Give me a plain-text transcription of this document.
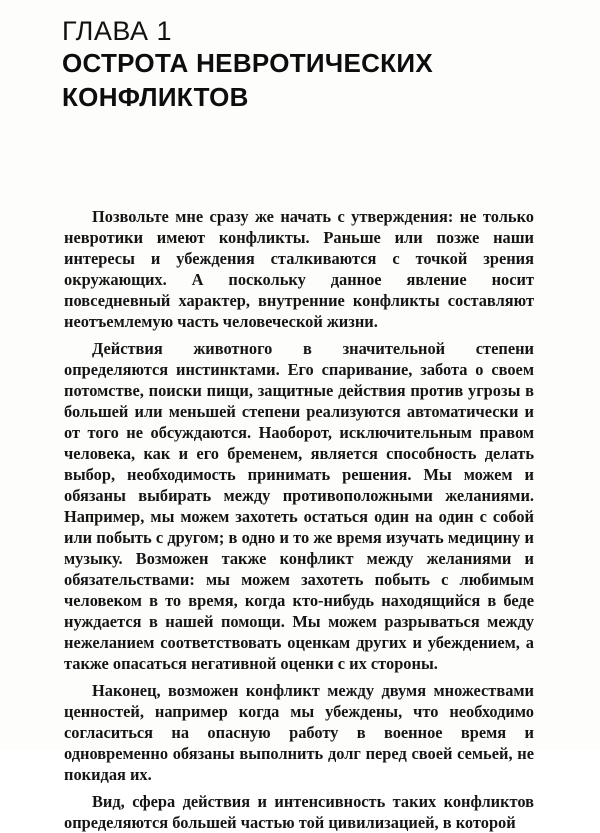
ГЛАВА 1
ОСТРОТА НЕВРОТИЧЕСКИХ КОНФЛИКТОВ

Позвольте мне сразу же начать с утверждения: не только невротики имеют конфликты. Раньше или позже наши интересы и убеждения сталкиваются с точкой зрения окружающих. А поскольку данное явление носит повседневный характер, внутренние конфликты составляют неотъемлемую часть человеческой жизни.

Действия животного в значительной степени определяются инстинктами. Его спаривание, забота о своем потомстве, поиски пищи, защитные действия против угрозы в большей или меньшей степени реализуются автоматически и от того не обсуждаются. Наоборот, исключительным правом человека, как и его бременем, является способность делать выбор, необходимость принимать решения. Мы можем и обязаны выбирать между противоположными желаниями. Например, мы можем захотеть остаться один на один с собой или побыть с другом; в одно и то же время изучать медицину и музыку. Возможен также конфликт между желаниями и обязательствами: мы можем захотеть побыть с любимым человеком в то время, когда кто-нибудь находящийся в беде нуждается в нашей помощи. Мы можем разрываться между нежеланием соответствовать оценкам других и убеждением, а также опасаться негативной оценки с их стороны.

Наконец, возможен конфликт между двумя множествами ценностей, например когда мы убеждены, что необходимо согласиться на опасную работу в военное время и одновременно обязаны выполнить долг перед своей семьей, не покидая их.

Вид, сфера действия и интенсивность таких конфликтов определяются большей частью той цивилизацией, в которой
